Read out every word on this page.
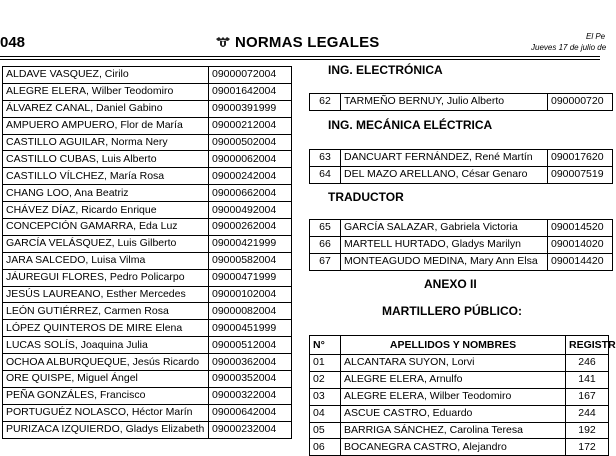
048	NORMAS LEGALES	El Pe
Jueves 17 de julio de
ALDAVE VASQUEZ, Cirilo	09000072004
ALEGRE ELERA, Wilber Teodomiro	09001642004
ÁLVAREZ CANAL, Daniel Gabino	09000391999
AMPUERO AMPUERO, Flor de María	09000212004
CASTILLO AGUILAR, Norma Nery	09000502004
CASTILLO CUBAS, Luis Alberto	09000062004
CASTILLO VÍLCHEZ, María Rosa	09000242004
CHANG LOO, Ana Beatriz	09000662004
CHÁVEZ DÍAZ, Ricardo Enrique	09000492004
CONCEPCIÓN GAMARRA, Eda Luz	09000262004
GARCÍA VELÁSQUEZ, Luis Gilberto	09000421999
JARA SALCEDO, Luisa Vilma	09000582004
JÁUREGUI FLORES, Pedro Policarpo	09000471999
JESÚS LAUREANO, Esther Mercedes	09000102004
LEÓN GUTIÉRREZ, Carmen Rosa	09000082004
LÓPEZ QUINTEROS DE MIRE Elena	09000451999
LUCAS SOLÍS, Joaquina Julia	09000512004
OCHOA ALBURQUEQUE, Jesús Ricardo	09000362004
ORE QUISPE, Miguel Ángel	09000352004
PEÑA GONZÁLES, Francisco	09000322004
PORTUGUÉZ NOLASCO, Héctor Marín	09000642004
PURIZACA IZQUIERDO, Gladys Elizabeth	09000232004
ING. ELECTRÓNICA
62	TARMEÑO BERNUY, Julio Alberto	090000720
ING. MECÁNICA ELÉCTRICA
63	DANCUART FERNÁNDEZ, René Martín	090017620
64	DEL MAZO ARELLANO, César Genaro	090007519
TRADUCTOR
65	GARCÍA SALAZAR, Gabriela Victoria	090014520
66	MARTELL HURTADO, Gladys Marilyn	090014020
67	MONTEAGUDO MEDINA, Mary Ann Elsa	090014420
ANEXO II
MARTILLERO PÚBLICO:
N°	APELLIDOS Y NOMBRES	REGISTR
01	ALCANTARA SUYON, Lorvi	246
02	ALEGRE ELERA, Arnulfo	141
03	ALEGRE ELERA, Wilber Teodomiro	167
04	ASCUE CASTRO, Eduardo	244
05	BARRIGA SÁNCHEZ, Carolina Teresa	192
06	BOCANEGRA CASTRO, Alejandro	172
